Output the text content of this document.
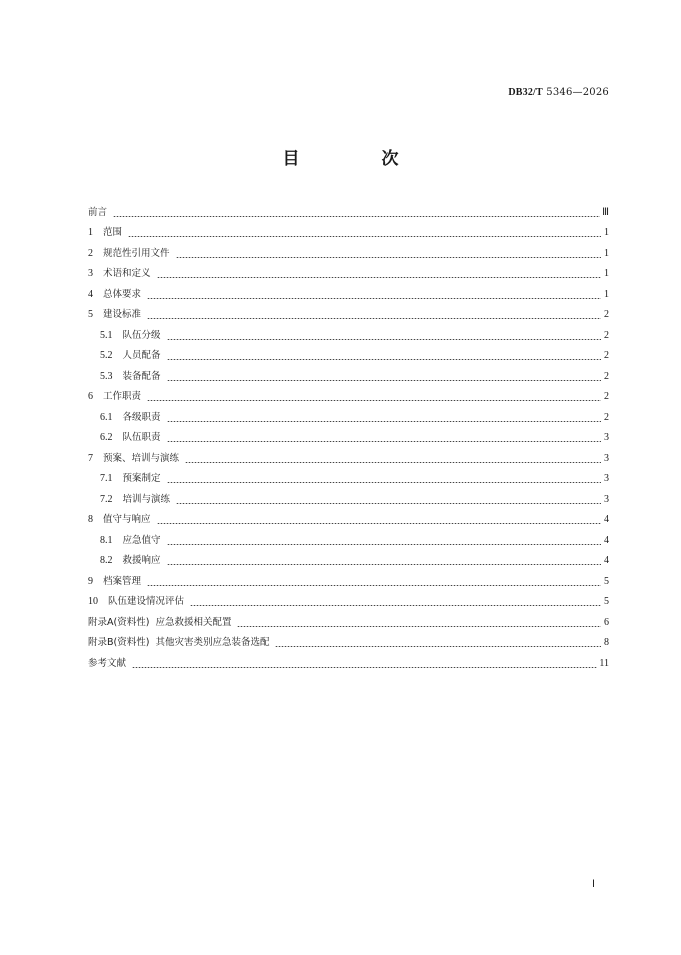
DB32/T 5346—2026
目 次
前言	Ⅲ
1 范围	1
2 规范性引用文件	1
3 术语和定义	1
4 总体要求	1
5 建设标准	2
5.1 队伍分级	2
5.2 人员配备	2
5.3 装备配备	2
6 工作职责	2
6.1 各级职责	2
6.2 队伍职责	3
7 预案、培训与演练	3
7.1 预案制定	3
7.2 培训与演练	3
8 值守与响应	4
8.1 应急值守	4
8.2 救援响应	4
9 档案管理	5
10 队伍建设情况评估	5
附录A(资料性)  应急救援相关配置	6
附录B(资料性)  其他灾害类别应急装备选配	8
参考文献	11
Ⅰ
